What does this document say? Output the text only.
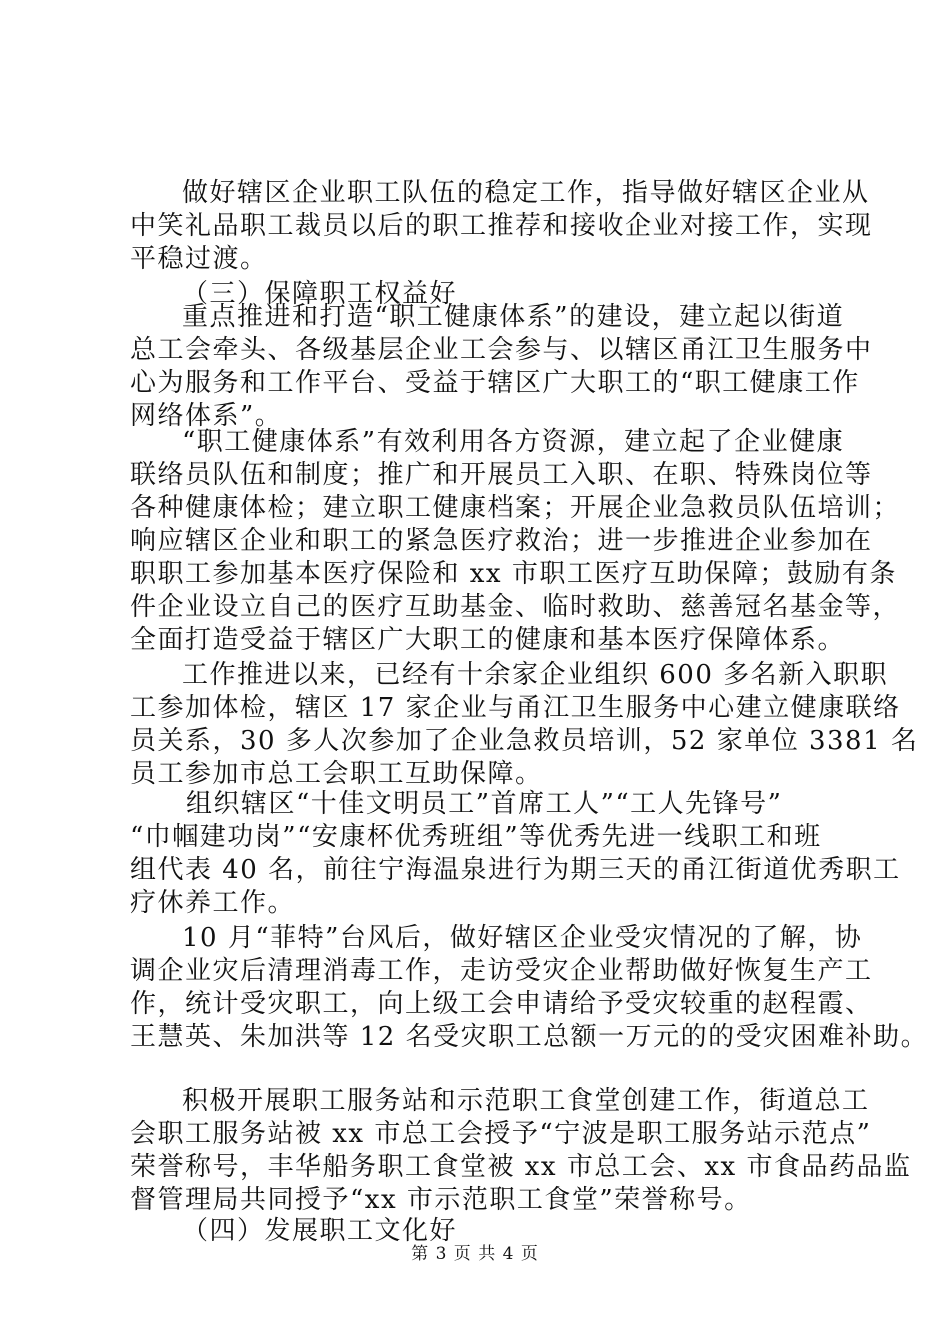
做好辖区企业职工队伍的稳定工作，指导做好辖区企业从
中笑礼品职工裁员以后的职工推荐和接收企业对接工作，实现
平稳过渡。
（三）保障职工权益好
重点推进和打造“职工健康体系”的建设，建立起以街道
总工会牵头、各级基层企业工会参与、以辖区甬江卫生服务中
心为服务和工作平台、受益于辖区广大职工的“职工健康工作
网络体系”。
“职工健康体系”有效利用各方资源，建立起了企业健康
联络员队伍和制度；推广和开展员工入职、在职、特殊岗位等
各种健康体检；建立职工健康档案；开展企业急救员队伍培训；
响应辖区企业和职工的紧急医疗救治；进一步推进企业参加在
职职工参加基本医疗保险和 xx 市职工医疗互助保障；鼓励有条
件企业设立自己的医疗互助基金、临时救助、慈善冠名基金等，
全面打造受益于辖区广大职工的健康和基本医疗保障体系。
工作推进以来，已经有十余家企业组织 600 多名新入职职
工参加体检，辖区 17 家企业与甬江卫生服务中心建立健康联络
员关系，30 多人次参加了企业急救员培训，52 家单位 3381 名
员工参加市总工会职工互助保障。
组织辖区“十佳文明员工”首席工人”“工人先锋号”
“巾帼建功岗”“安康杯优秀班组”等优秀先进一线职工和班
组代表 40 名，前往宁海温泉进行为期三天的甬江街道优秀职工
疗休养工作。
10 月“菲特”台风后，做好辖区企业受灾情况的了解，协
调企业灾后清理消毒工作，走访受灾企业帮助做好恢复生产工
作，统计受灾职工，向上级工会申请给予受灾较重的赵程霞、
王慧英、朱加洪等 12 名受灾职工总额一万元的的受灾困难补助。
积极开展职工服务站和示范职工食堂创建工作，街道总工
会职工服务站被 xx 市总工会授予“宁波是职工服务站示范点”
荣誉称号，丰华船务职工食堂被 xx 市总工会、xx 市食品药品监
督管理局共同授予“xx 市示范职工食堂”荣誉称号。
（四）发展职工文化好
第 3 页 共 4 页
